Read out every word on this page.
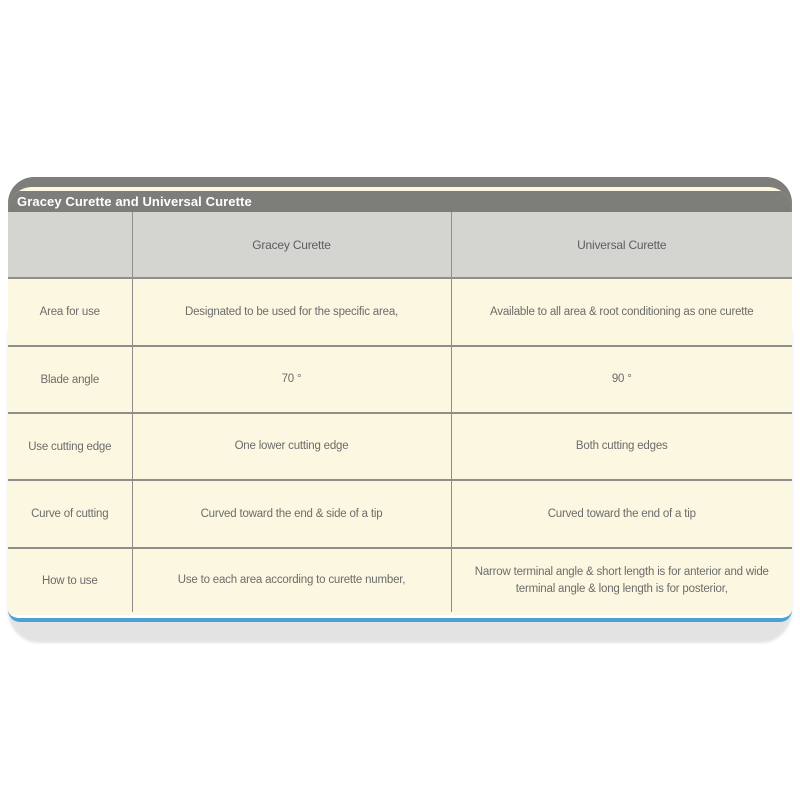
Gracey Curette and Universal Curette
	Gracey Curette	Universal Curette
Area for use	Designated to be used for the specific area,	Available to all area & root conditioning as one curette
Blade angle	70 °	90 °
Use cutting edge	One lower cutting edge	Both cutting edges
Curve of cutting	Curved toward the end & side of a tip	Curved toward the end of a tip
How to use	Use to each area according to curette number,	Narrow terminal angle & short length is for anterior and wide terminal angle & long length is for posterior,
